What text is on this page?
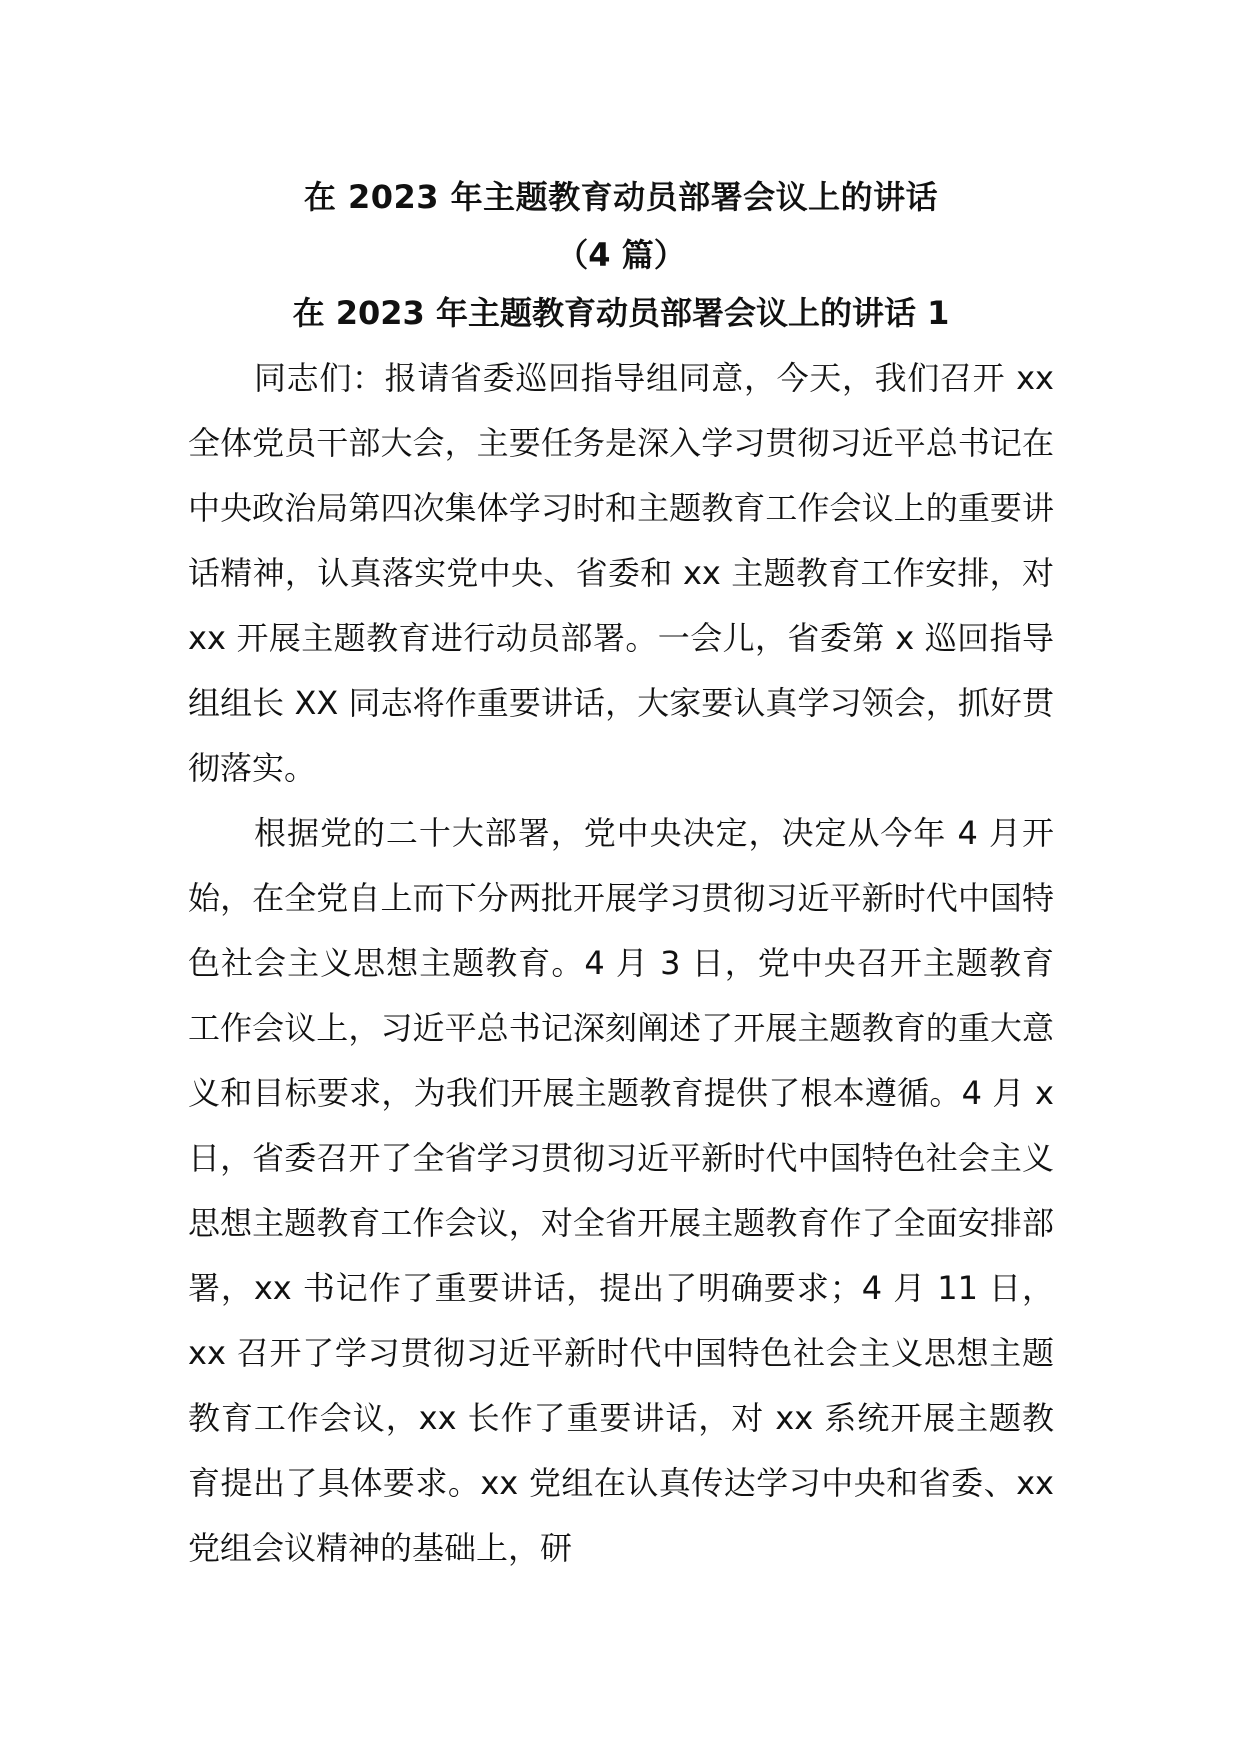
在 2023 年主题教育动员部署会议上的讲话
（4 篇）
在 2023 年主题教育动员部署会议上的讲话 1

同志们：报请省委巡回指导组同意，今天，我们召开 xx 全体党员干部大会，主要任务是深入学习贯彻习近平总书记在中央政治局第四次集体学习时和主题教育工作会议上的重要讲话精神，认真落实党中央、省委和 xx 主题教育工作安排，对 xx 开展主题教育进行动员部署。一会儿，省委第 x 巡回指导组组长 XX 同志将作重要讲话，大家要认真学习领会，抓好贯彻落实。

根据党的二十大部署，党中央决定，决定从今年 4 月开始，在全党自上而下分两批开展学习贯彻习近平新时代中国特色社会主义思想主题教育。4 月 3 日，党中央召开主题教育工作会议上，习近平总书记深刻阐述了开展主题教育的重大意义和目标要求，为我们开展主题教育提供了根本遵循。4 月 x 日，省委召开了全省学习贯彻习近平新时代中国特色社会主义思想主题教育工作会议，对全省开展主题教育作了全面安排部署，xx 书记作了重要讲话，提出了明确要求；4 月 11 日，xx 召开了学习贯彻习近平新时代中国特色社会主义思想主题教育工作会议，xx 长作了重要讲话，对 xx 系统开展主题教育提出了具体要求。xx 党组在认真传达学习中央和省委、xx 党组会议精神的基础上，研
